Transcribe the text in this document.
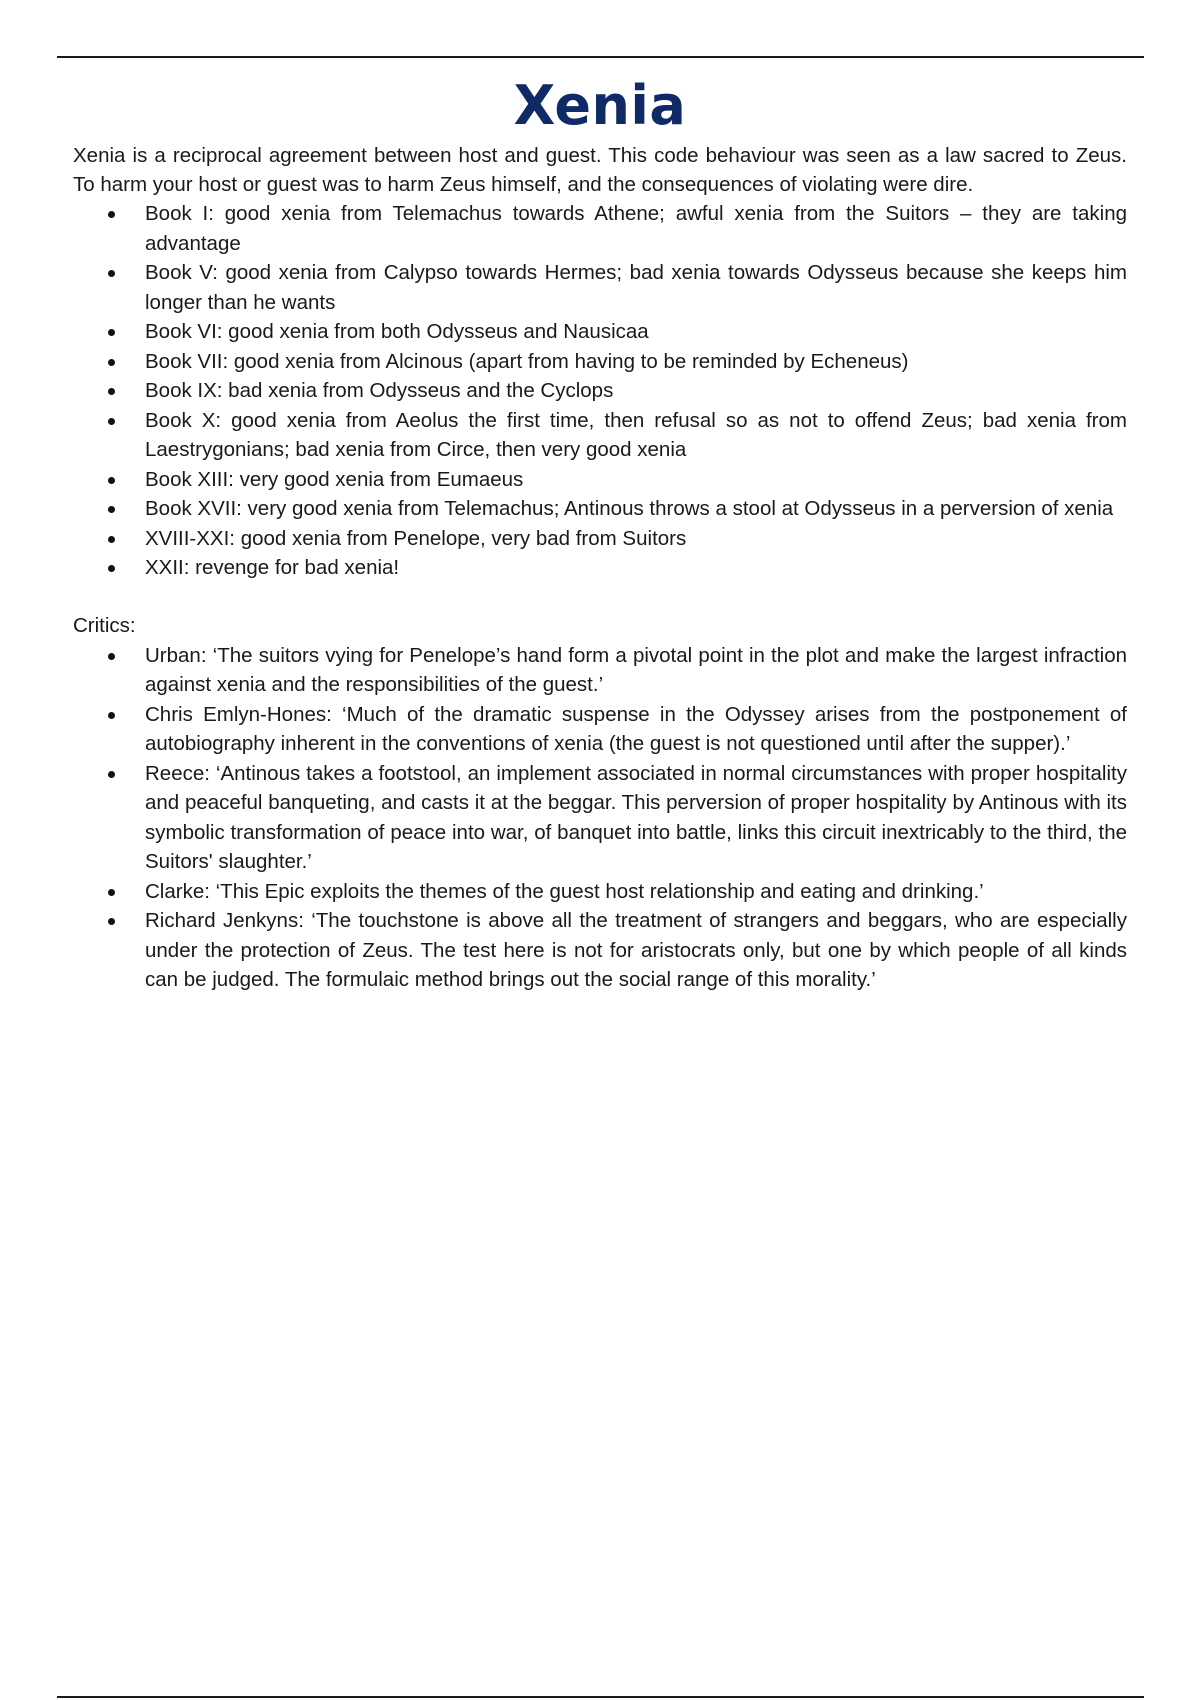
Xenia

Xenia is a reciprocal agreement between host and guest. This code behaviour was seen as a law sacred to Zeus. To harm your host or guest was to harm Zeus himself, and the consequences of violating were dire.

Book I: good xenia from Telemachus towards Athene; awful xenia from the Suitors – they are taking advantage
Book V: good xenia from Calypso towards Hermes; bad xenia towards Odysseus because she keeps him longer than he wants
Book VI: good xenia from both Odysseus and Nausicaa
Book VII: good xenia from Alcinous (apart from having to be reminded by Echeneus)
Book IX: bad xenia from Odysseus and the Cyclops
Book X: good xenia from Aeolus the first time, then refusal so as not to offend Zeus; bad xenia from Laestrygonians; bad xenia from Circe, then very good xenia
Book XIII: very good xenia from Eumaeus
Book XVII: very good xenia from Telemachus; Antinous throws a stool at Odysseus in a perversion of xenia
XVIII-XXI: good xenia from Penelope, very bad from Suitors
XXII: revenge for bad xenia!

Critics:

Urban: ‘The suitors vying for Penelope’s hand form a pivotal point in the plot and make the largest infraction against xenia and the responsibilities of the guest.’
Chris Emlyn-Hones: ‘Much of the dramatic suspense in the Odyssey arises from the postponement of autobiography inherent in the conventions of xenia (the guest is not questioned until after the supper).’
Reece: ‘Antinous takes a footstool, an implement associated in normal circumstances with proper hospitality and peaceful banqueting, and casts it at the beggar. This perversion of proper hospitality by Antinous with its symbolic transformation of peace into war, of banquet into battle, links this circuit inextricably to the third, the Suitors' slaughter.’
Clarke: ‘This Epic exploits the themes of the guest host relationship and eating and drinking.’
Richard Jenkyns: ‘The touchstone is above all the treatment of strangers and beggars, who are especially under the protection of Zeus. The test here is not for aristocrats only, but one by which people of all kinds can be judged. The formulaic method brings out the social range of this morality.’
